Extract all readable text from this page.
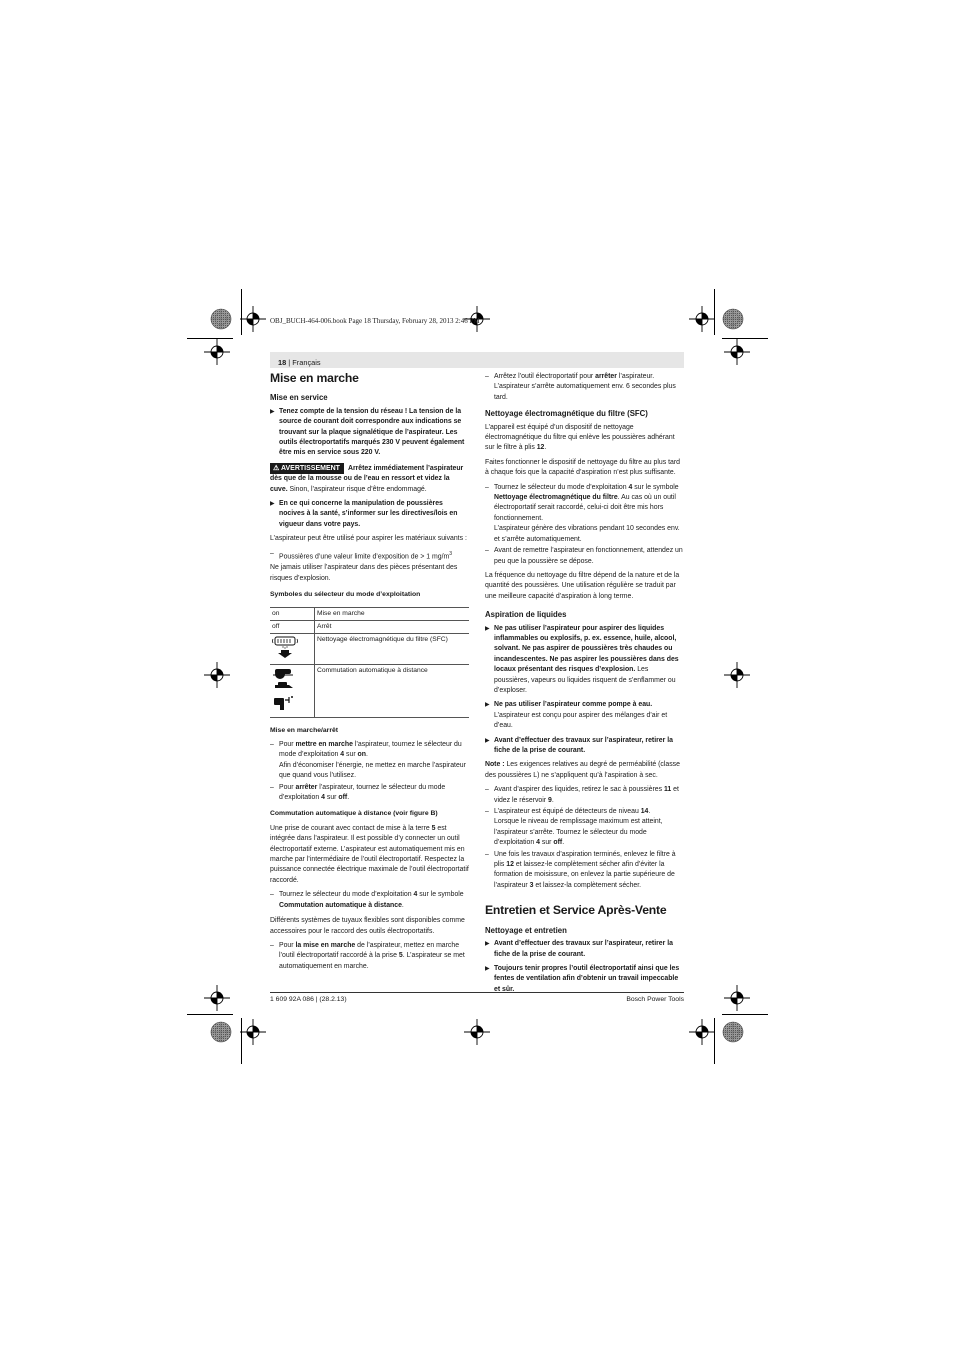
OBJ_BUCH-464-006.book Page 18 Thursday, February 28, 2013 2:46 PM
18 | Français
Mise en marche
Mise en service
▶ Tenez compte de la tension du réseau ! La tension de la source de courant doit correspondre aux indications se trouvant sur la plaque signalétique de l’aspirateur. Les outils électroportatifs marqués 230 V peuvent également être mis en service sous 220 V.

⚠ AVERTISSEMENT Arrêtez immédiatement l’aspirateur dès que de la mousse ou de l’eau en ressort et videz la cuve. Sinon, l’aspirateur risque d’être endommagé.

▶ En ce qui concerne la manipulation de poussières nocives à la santé, s’informer sur les directives/lois en vigueur dans votre pays.

L’aspirateur peut être utilisé pour aspirer les matériaux suivants :

– Poussières d’une valeur limite d’exposition de > 1 $mg/m^3$

Ne jamais utiliser l’aspirateur dans des pièces présentant des risques d’explosion.

Symboles du sélecteur du mode d’exploitation
on	Mise en marche
off	Arrêt
	Nettoyage électromagnétique du filtre (SFC)
	Commutation automatique à distance
Mise en marche/arrêt
– Pour mettre en marche l’aspirateur, tournez le sélecteur du mode d’exploitation 4 sur on.
Afin d’économiser l’énergie, ne mettez en marche l’aspirateur que quand vous l’utilisez.
– Pour arrêter l’aspirateur, tournez le sélecteur du mode d’exploitation 4 sur off.
Commutation automatique à distance (voir figure B)

Une prise de courant avec contact de mise à la terre 5 est intégrée dans l’aspirateur. Il est possible d’y connecter un outil électroportatif externe. L’aspirateur est automatiquement mis en marche par l’intermédiaire de l’outil électroportatif. Respectez la puissance connectée électrique maximale de l’outil électroportatif raccordé.

– Tournez le sélecteur du mode d’exploitation 4 sur le symbole Commutation automatique à distance.

Différents systèmes de tuyaux flexibles sont disponibles comme accessoires pour le raccord des outils électroportatifs.

– Pour la mise en marche de l’aspirateur, mettez en marche l’outil électroportatif raccordé à la prise 5. L’aspirateur se met automatiquement en marche.
– Arrêtez l’outil électroportatif pour arrêter l’aspirateur.
L’aspirateur s’arrête automatiquement env. 6 secondes plus tard.
Nettoyage électromagnétique du filtre (SFC)

L’appareil est équipé d’un dispositif de nettoyage électromagnétique du filtre qui enlève les poussières adhérant sur le filtre à plis 12.

Faites fonctionner le dispositif de nettoyage du filtre au plus tard à chaque fois que la capacité d’aspiration n’est plus suffisante.

– Tournez le sélecteur du mode d’exploitation 4 sur le symbole Nettoyage électromagnétique du filtre. Au cas où un outil électroportatif serait raccordé, celui-ci doit être mis hors fonctionnement.
L’aspirateur génère des vibrations pendant 10 secondes env. et s’arrête automatiquement.
– Avant de remettre l’aspirateur en fonctionnement, attendez un peu que la poussière se dépose.

La fréquence du nettoyage du filtre dépend de la nature et de la quantité des poussières. Une utilisation régulière se traduit par une meilleure capacité d’aspiration à long terme.

Aspiration de liquides
▶ Ne pas utiliser l’aspirateur pour aspirer des liquides inflammables ou explosifs, p. ex. essence, huile, alcool, solvant. Ne pas aspirer de poussières très chaudes ou incandescentes. Ne pas aspirer les poussières dans des locaux présentant des risques d’explosion. Les poussières, vapeurs ou liquides risquent de s’enflammer ou d’exploser.
▶ Ne pas utiliser l’aspirateur comme pompe à eau. L’aspirateur est conçu pour aspirer des mélanges d’air et d’eau.
▶ Avant d’effectuer des travaux sur l’aspirateur, retirer la fiche de la prise de courant.

Note : Les exigences relatives au degré de perméabilité (classe des poussières L) ne s’appliquent qu’à l’aspiration à sec.

– Avant d’aspirer des liquides, retirez le sac à poussières 11 et videz le réservoir 9.
– L’aspirateur est équipé de détecteurs de niveau 14.
Lorsque le niveau de remplissage maximum est atteint, l’aspirateur s’arrête. Tournez le sélecteur du mode d’exploitation 4 sur off.
– Une fois les travaux d’aspiration terminés, enlevez le filtre à plis 12 et laissez-le complètement sécher afin d’éviter la formation de moisissure, on enlevez la partie supérieure de l’aspirateur 3 et laissez-la complètement sécher.
Entretien et Service Après-Vente
Nettoyage et entretien
▶ Avant d’effectuer des travaux sur l’aspirateur, retirer la fiche de la prise de courant.
▶ Toujours tenir propres l’outil électroportatif ainsi que les fentes de ventilation afin d’obtenir un travail impeccable et sûr.
1 609 92A 086 | (28.2.13)	Bosch Power Tools
